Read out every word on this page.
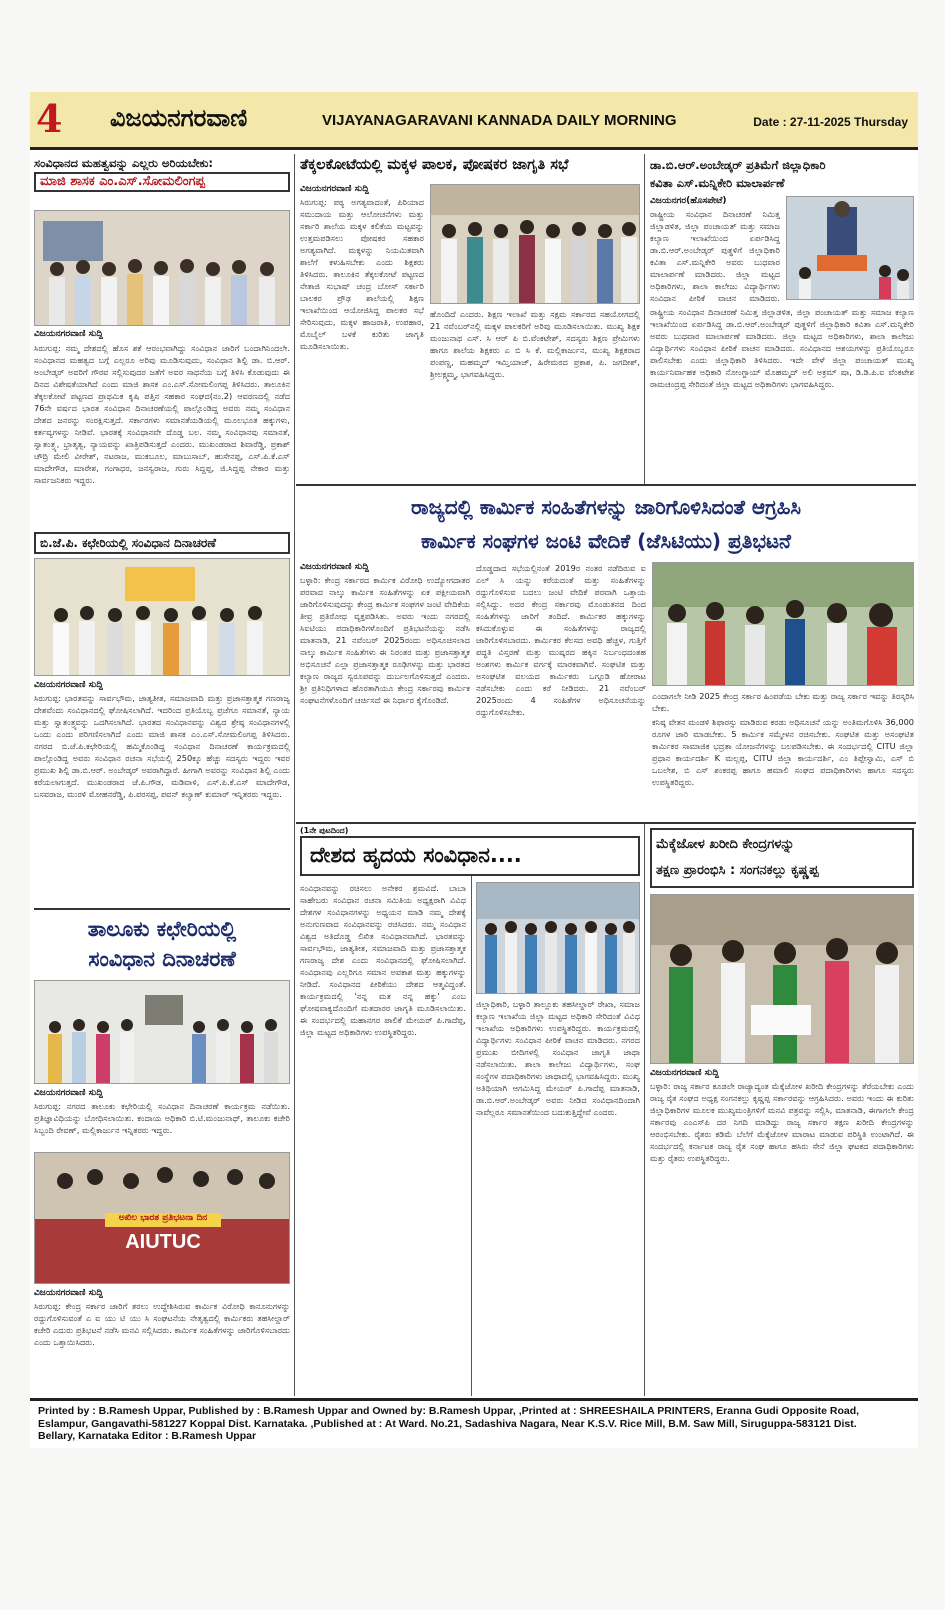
4 ವಿಜಯನಗರವಾಣಿ	VIJAYANAGARAVANI KANNADA DAILY MORNING	Date : 27-11-2025 Thursday
ಸಂವಿಧಾನದ ಮಹತ್ವವನ್ನು ಎಲ್ಲರು ಅರಿಯಬೇಕು:
ಮಾಜಿ ಶಾಸಕ ಎಂ.ಎಸ್.ಸೋಮಲಿಂಗಪ್ಪ
ವಿಜಯನಗರವಾಣಿ ಸುದ್ದಿ
ಸಿರುಗುಪ್ಪ: ನಮ್ಮ ದೇಶದಲ್ಲಿ ಹೊಸ ಶಕೆ ಆರಂಭವಾಗಿದ್ದು ಸಂವಿಧಾನ ಜಾರಿಗೆ ಬಂದಾಗಿನಿಂದಲೇ. ಸಂವಿಧಾನದ ಮಹತ್ವದ ಬಗ್ಗೆ ಎಲ್ಲರೂ ಅರಿವು ಮೂಡಿಸುವುದು, ಸಂವಿಧಾನ ಶಿಲ್ಪಿ ಡಾ. ಬಿ.ಆರ್. ಅಂಬೇಡ್ಕರ್ ಅವರಿಗೆ ಗೌರವ ಸಲ್ಲಿಸುವುದರ ಜತೆಗೆ ಅವರ ಸಾಧನೆಯ ಬಗ್ಗೆ ತಿಳಿಸಿ ಕೊಡುವುದು ಈ ದಿನದ ವಿಶೇಷತೆಯಾಗಿದೆ ಎಂದು ಮಾಜಿ ಶಾಸಕ ಎಂ.ಎಸ್.ಸೋಮಲಿಂಗಪ್ಪ ತಿಳಿಸಿದರು. ತಾಲೂಕಿನ ತೆಕ್ಕಲಕೋಟೆ ಪಟ್ಟಣದ ಪ್ರಾಥಮಿಕ ಕೃಷಿ ಪತ್ತಿನ ಸಹಕಾರ ಸಂಘದ(ನಂ.2) ಆವರಣದಲ್ಲಿ ನಡೆದ 76ನೇ ವರ್ಷದ ಭಾರತ ಸಂವಿಧಾನ ದಿನಾಚರಣೆಯಲ್ಲಿ ಪಾಲ್ಗೊಂಡಿದ್ದ ಅವರು ನಮ್ಮ ಸಂವಿಧಾನ ದೇಶದ ಜನರನ್ನು ಸಂರಕ್ಷಿಸುತ್ತದೆ. ಸರ್ಕಾರಗಳು ಸಮಾನತೆಯಡಿಯಲ್ಲಿ ಮೂಲಭೂತ ಹಕ್ಕುಗಳು, ಕರ್ತವ್ಯಗಳನ್ನು ನೀಡಿವೆ. ಭಾರತಕ್ಕೆ ಸಂವಿಧಾನವೇ ದೊಡ್ಡ ಬಲ. ನಮ್ಮ ಸಂವಿಧಾನವು ಸಮಾನತೆ, ಸ್ವಾತಂತ್ರ್ಯ, ಭ್ರಾತೃತ್ವ, ನ್ಯಾಯವನ್ನು ಖಾತ್ರಿಪಡಿಸುತ್ತದೆ ಎಂದರು. ಮುಖಂಡರಾದ ಶಿವಾರೆಡ್ಡಿ, ಪ್ರಕಾಶ್ ಚೌದ್ರಿ ಮೇಲಿ ವೀರೇಶ್, ನಟರಾಜ, ಮುಕಬೂಲ, ಮಾಬುಸಾಬ್, ಹುಸೇನಪ್ಪ, ಎಸ್.ಪಿ.ಕೆ.ಎಸ್ ಮಾದೇಗೌಡ, ಮಾರೇಶ, ಗಂಗಾಧರ, ಜನಸ್ವರಾಜ, ಗುರು ಸಿದ್ದಪ್ಪ, ಜಿ.ಸಿದ್ದಪ್ಪ ನೇಕಾರ ಮತ್ತು ಸಾರ್ವಜನಿಕರು ಇದ್ದರು.
ಬಿ.ಜೆ.ಪಿ. ಕಛೇರಿಯಲ್ಲಿ ಸಂವಿಧಾನ ದಿನಾಚರಣೆ
ವಿಜಯನಗರವಾಣಿ ಸುದ್ದಿ
ಸಿರುಗುಪ್ಪ: ಭಾರತವನ್ನು ಸಾರ್ವಭೌಮ, ಜಾತ್ಯತೀತ, ಸಮಾಜವಾದಿ ಮತ್ತು ಪ್ರಜಾಸತ್ತಾತ್ಮಕ ಗಣರಾಜ್ಯ ದೇಶವೆಂದು ಸಂವಿಧಾನದಲ್ಲಿ ಘೋಷಿಸಲಾಗಿದೆ. ಇದರಿಂದ ಪ್ರತಿಯೊಬ್ಬ ಪ್ರಜೆಗೂ ಸಮಾನತೆ, ನ್ಯಾಯ ಮತ್ತು ಸ್ವಾತಂತ್ರ್ಯವನ್ನು ಒದಗಿಸಲಾಗಿದೆ. ಭಾರತದ ಸಂವಿಧಾನವನ್ನು ವಿಶ್ವದ ಶ್ರೇಷ್ಠ ಸಂವಿಧಾನಗಳಲ್ಲಿ ಒಂದು ಎಂದು ಪರಿಗಣಿಸಲಾಗಿದೆ ಎಂದು ಮಾಜಿ ಶಾಸಕ ಎಂ.ಎಸ್.ಸೋಮಲಿಂಗಪ್ಪ ತಿಳಿಸಿದರು. ನಗರದ ಬಿ.ಜೆ.ಪಿ.ಕಛೇರಿಯಲ್ಲಿ ಹಮ್ಮಿಕೊಂಡಿದ್ದ ಸಂವಿಧಾನ ದಿನಾಚರಣೆ ಕಾರ್ಯಕ್ರಮದಲ್ಲಿ ಪಾಲ್ಗೊಂಡಿದ್ದ ಅವರು ಸಂವಿಧಾನ ರಚನಾ ಸಭೆಯಲ್ಲಿ 250ಕ್ಕೂ ಹೆಚ್ಚು ಸದಸ್ಯರು ಇದ್ದರು ಇವರ ಪ್ರಮುಖ ಶಿಲ್ಪಿ ಡಾ.ಬಿ.ಆರ್. ಅಂಬೇಡ್ಕರ್ ಅವರಾಗಿದ್ದಾರೆ. ಹೀಗಾಗಿ ಅವರನ್ನು ಸಂವಿಧಾನ ಶಿಲ್ಪಿ ಎಂದು ಕರೆಯಲಾಗುತ್ತದೆ. ಮುಖಂಡರಾದ ಜೆ.ಪಿ.ಗೌಡ, ಮಡಿವಾಳಿ, ಎಸ್.ಪಿ.ಕೆ.ಎಸ್ ಮಾದೇಗೌಡ, ಬಸವರಾಜ, ಮುರಳಿ ಮೋಹನರೆಡ್ಡಿ, ಪಿ.ಪರಸಪ್ಪ, ಪವನ್ ಕಲ್ಯಾಣ್ ಕುಮಾರ್ ಇನ್ನಿತರರು ಇದ್ದರು.
ತಾಲೂಕು ಕಛೇರಿಯಲ್ಲಿ
ಸಂವಿಧಾನ ದಿನಾಚರಣೆ
ವಿಜಯನಗರವಾಣಿ ಸುದ್ದಿ
ಸಿರುಗುಪ್ಪ: ನಗರದ ತಾಲೂಕು ಕಛೇರಿಯಲ್ಲಿ ಸಂವಿಧಾನ ದಿನಾಚರಣೆ ಕಾರ್ಯಕ್ರಮ ನಡೆಯಿತು. ಪ್ರತಿಜ್ಞಾವಿಧಿಯನ್ನು ಬೋಧಿಸಲಾಯಿತು. ಕಂದಾಯ ಅಧಿಕಾರಿ ಬಿ.ಟಿ.ಮಂಜುನಾಥ್, ತಾಲೂಕು ಕಚೇರಿ ಸಿಬ್ಬಂದಿ ರೇವಣ್, ಮಲ್ಲಿಕಾರ್ಜುನ ಇನ್ನಿತರರು ಇದ್ದರು.
ಅಖಿಲ ಭಾರತ ಪ್ರತಿಭಟನಾ ದಿನ
AIUTUC
ವಿಜಯನಗರವಾಣಿ ಸುದ್ದಿ
ಸಿರುಗುಪ್ಪ: ಕೇಂದ್ರ ಸರ್ಕಾರ ಜಾರಿಗೆ ತರಲು ಉದ್ದೇಶಿಸಿರುವ ಕಾರ್ಮಿಕ ವಿರೋಧಿ ಕಾನೂನುಗಳನ್ನು ರದ್ದುಗೊಳಿಸುವಂತೆ ಎ ಐ ಯು ಟಿ ಯು ಸಿ ಸಂಘಟನೆಯ ನೇತೃತ್ವದಲ್ಲಿ ಕಾರ್ಮಿಕರು ತಹಸೀಲ್ದಾರ್ ಕಚೇರಿ ಎದುರು ಪ್ರತಿಭಟನೆ ನಡೆಸಿ ಮನವಿ ಸಲ್ಲಿಸಿದರು. ಕಾರ್ಮಿಕ ಸಂಹಿತೆಗಳನ್ನು ಜಾರಿಗೊಳಿಸಬಾರದು ಎಂದು ಒತ್ತಾಯಿಸಿದರು.
ತೆಕ್ಕಲಕೋಟೆಯಲ್ಲಿ ಮಕ್ಕಳ ಪಾಲಕ, ಪೋಷಕರ ಜಾಗೃತಿ ಸಭೆ
ವಿಜಯನಗರವಾಣಿ ಸುದ್ದಿ
ಸಿರುಗುಪ್ಪ: ಪಠ್ಯ ಅಗತ್ಯವಾದಂತೆ, ಪಿಠಿಯಾದ ಸಮುದಾಯ ಮತ್ತು ಆಲೋಚನೆಗಳು ಮತ್ತು ಸರ್ಕಾರಿ ಶಾಲೆಯ ಮಕ್ಕಳ ಕಲಿಕೆಯ ಮಟ್ಟವನ್ನು ಉತ್ತಮಪಡಿಸಲು ಪೋಷಕರ ಸಹಕಾರ ಅಗತ್ಯವಾಗಿದೆ. ಮಕ್ಕಳನ್ನು ನಿಯಮಿತವಾಗಿ ಶಾಲೆಗೆ ಕಳುಹಿಸಬೇಕು ಎಂದು ಶಿಕ್ಷಕರು ತಿಳಿಸಿದರು. ತಾಲೂಕಿನ ತೆಕ್ಕಲಕೋಟೆ ಪಟ್ಟಣದ ನೇತಾಜಿ ಸುಭಾಷ್ ಚಂದ್ರ ಬೋಸ್ ಸರ್ಕಾರಿ ಬಾಲಕರ ಪ್ರೌಢ ಶಾಲೆಯಲ್ಲಿ ಶಿಕ್ಷಣ ಇಲಾಖೆಯಿಂದ ಆಯೋಜಿಸಿದ್ದ ಪಾಲಕರ ಸಭೆ ಸೇರಿಸುವುದು, ಮಕ್ಕಳ ಹಾಜರಾತಿ, ಉಪಹಾರ, ಮೊಬೈಲ್ ಬಳಕೆ ಕುರಿತು ಜಾಗೃತಿ ಮೂಡಿಸಲಾಯಿತು.
ಹೊಂದಿದೆ ಎಂದರು. ಶಿಕ್ಷಣ ಇಲಾಖೆ ಮತ್ತು ಸಕ್ಷಮ ಸರ್ಕಾರದ ಸಹಯೋಗದಲ್ಲಿ 21 ನವೆಂಬರ್‌ನಲ್ಲಿ ಮಕ್ಕಳ ಪಾಲಕರಿಗೆ ಅರಿವು ಮೂಡಿಸಲಾಯಿತು. ಮುಖ್ಯ ಶಿಕ್ಷಕ ಮಂಜುನಾಥ ಎಸ್. ಸಿ ಆರ್ ಪಿ ಬಿ.ವೆಂಕಟೇಶ್, ಸದಸ್ಯರು ಶಿಕ್ಷಣ ಪ್ರೇಮಿಗಳು ಹಾಗೂ ಶಾಲೆಯ ಶಿಕ್ಷಕರು ಎ ಬಿ ಸಿ ಕೆ. ಮಲ್ಲಿಕಾರ್ಜುನ, ಮುಖ್ಯ ಶಿಕ್ಷಕರಾದ ಪಂಪಣ್ಣ, ಮಹಮ್ಮದ್ ಇಮ್ತಿಯಾಜ್, ಹಿರೇಮಠದ ಪ್ರಕಾಶ, ಪಿ. ಜಗದೀಶ್, ಶ್ರೀಲಕ್ಷ್ಮಮ್ಮ, ಭಾಗವಹಿಸಿದ್ದರು.
ಡಾ.ಬಿ.ಆರ್.ಅಂಬೇಡ್ಕರ್ ಪ್ರತಿಮೆಗೆ ಜಿಲ್ಲಾಧಿಕಾರಿ
ಕವಿತಾ ಎಸ್.ಮನ್ನಿಕೇರಿ ಮಾಲಾರ್ಪಣೆ
ವಿಜಯನಗರ(ಹೊಸಪೇಟೆ)
ರಾಷ್ಟ್ರೀಯ ಸಂವಿಧಾನ ದಿನಾಚರಣೆ ನಿಮಿತ್ತ ಜಿಲ್ಲಾಡಳಿತ, ಜಿಲ್ಲಾ ಪಂಚಾಯತ್ ಮತ್ತು ಸಮಾಜ ಕಲ್ಯಾಣ ಇಲಾಖೆಯಿಂದ ಏರ್ಪಡಿಸಿದ್ದ ಡಾ.ಬಿ.ಆರ್.ಅಂಬೇಡ್ಕರ್ ಪುತ್ಥಳಿಗೆ ಜಿಲ್ಲಾಧಿಕಾರಿ ಕವಿತಾ ಎಸ್.ಮನ್ನಿಕೇರಿ ಅವರು ಬುಧವಾರ ಮಾಲಾರ್ಪಣೆ ಮಾಡಿದರು. ಜಿಲ್ಲಾ ಮಟ್ಟದ ಅಧಿಕಾರಿಗಳು, ಶಾಲಾ ಕಾಲೇಜು ವಿದ್ಯಾರ್ಥಿಗಳು ಸಂವಿಧಾನ ಪೀಠಿಕೆ ವಾಚನ ಮಾಡಿದರು.
ರಾಷ್ಟ್ರೀಯ ಸಂವಿಧಾನ ದಿನಾಚರಣೆ ನಿಮಿತ್ತ ಜಿಲ್ಲಾಡಳಿತ, ಜಿಲ್ಲಾ ಪಂಚಾಯತ್ ಮತ್ತು ಸಮಾಜ ಕಲ್ಯಾಣ ಇಲಾಖೆಯಿಂದ ಏರ್ಪಡಿಸಿದ್ದ ಡಾ.ಬಿ.ಆರ್.ಅಂಬೇಡ್ಕರ್ ಪುತ್ಥಳಿಗೆ ಜಿಲ್ಲಾಧಿಕಾರಿ ಕವಿತಾ ಎಸ್.ಮನ್ನಿಕೇರಿ ಅವರು ಬುಧವಾರ ಮಾಲಾರ್ಪಣೆ ಮಾಡಿದರು. ಜಿಲ್ಲಾ ಮಟ್ಟದ ಅಧಿಕಾರಿಗಳು, ಶಾಲಾ ಕಾಲೇಜು ವಿದ್ಯಾರ್ಥಿಗಳು ಸಂವಿಧಾನ ಪೀಠಿಕೆ ವಾಚನ ಮಾಡಿದರು. ಸಂವಿಧಾನದ ಆಶಯಗಳನ್ನು ಪ್ರತಿಯೊಬ್ಬರೂ ಪಾಲಿಸಬೇಕು ಎಂದು ಜಿಲ್ಲಾಧಿಕಾರಿ ತಿಳಿಸಿದರು. ಇದೇ ವೇಳೆ ಜಿಲ್ಲಾ ಪಂಚಾಯತ್ ಮುಖ್ಯ ಕಾರ್ಯನಿರ್ವಾಹಕ ಅಧಿಕಾರಿ ನೋಂಗ್ಜಾಯ್ ಮೊಹಮ್ಮದ್ ಅಲಿ ಅಕ್ರಮ್ ಷಾ, ಡಿ.ಡಿ.ಪಿ.ಐ ವೆಂಕಟೇಶ ರಾಮಚಂದ್ರಪ್ಪ ಸೇರಿದಂತೆ ಜಿಲ್ಲಾ ಮಟ್ಟದ ಅಧಿಕಾರಿಗಳು ಭಾಗವಹಿಸಿದ್ದರು.
ರಾಜ್ಯದಲ್ಲಿ ಕಾರ್ಮಿಕ ಸಂಹಿತೆಗಳನ್ನು ಜಾರಿಗೊಳಿಸಿದಂತೆ ಆಗ್ರಹಿಸಿ
ಕಾರ್ಮಿಕ ಸಂಘಗಳ ಜಂಟಿ ವೇದಿಕೆ (ಜೆಸಿಟಿಯು) ಪ್ರತಿಭಟನೆ
ವಿಜಯನಗರವಾಣಿ ಸುದ್ದಿ
ಬಳ್ಳಾರಿ: ಕೇಂದ್ರ ಸರ್ಕಾರದ ಕಾರ್ಮಿಕ ವಿರೋಧಿ ಉದ್ಯೋಗದಾತರ ಪರವಾದ ನಾಲ್ಕು ಕಾರ್ಮಿಕ ಸಂಹಿತೆಗಳನ್ನು ಏಕ ಪಕ್ಷೀಯವಾಗಿ ಜಾರಿಗೊಳಿಸುವುದನ್ನು ಕೇಂದ್ರ ಕಾರ್ಮಿಕ ಸಂಘಗಳ ಜಂಟಿ ವೇದಿಕೆಯ ತೀವ್ರ ಪ್ರತಿರೋಧ ವ್ಯಕ್ತಪಡಿಸಿತು. ಅವರು ಇಂದು ನಗರದಲ್ಲಿ ಸಿಐಟಿಯು ಪದಾಧಿಕಾರಿಗಳೊಂದಿಗೆ ಪ್ರತಿಭಟನೆಯನ್ನು ನಡೆಸಿ ಮಾತನಾಡಿ, 21 ನವೆಂಬರ್ 2025ರಂದು ಅಧಿಸೂಚಿಸಲಾದ ನಾಲ್ಕು ಕಾರ್ಮಿಕ ಸಂಹಿತೆಗಳು ಈ ನಿರಂತರ ಮತ್ತು ಪ್ರಜಾಸತ್ತಾತ್ಮಕ ಅಭಿಸೂಚನೆ ಎಲ್ಲಾ ಪ್ರಜಾಸತ್ತಾತ್ಮಕ ರೂಢಿಗಳನ್ನು ಮತ್ತು ಭಾರತದ ಕಲ್ಯಾಣ ರಾಜ್ಯದ ಸ್ವರೂಪವನ್ನು ದುರ್ಬಲಗೊಳಿಸುತ್ತದೆ ಎಂದರು. ಶ್ರೀ ಪ್ರತಿನಿಧಿಗಳಾದ ಹೊರತಾಗಿಯೂ ಕೇಂದ್ರ ಸರ್ಕಾರವು ಕಾರ್ಮಿಕ ಸಂಘಟನೆಗಳೊಂದಿಗೆ ಚರ್ಚಿಸದೆ ಈ ನಿರ್ಧಾರ ಕೈಗೊಂಡಿದೆ.
ದೊಡ್ಡದಾದ ಸಭೆಯಲ್ಲಿನಂತೆ 2019ರ ನಂತರ ನಡೆದಿರುವ ಐ ಎಲ್ ಸಿ ಯನ್ನು ಕರೆಯದಂತೆ ಮತ್ತು ಸಂಹಿತೆಗಳನ್ನು ರದ್ದುಗೊಳಿಸುವ ಬದಲು ಜಂಟಿ ವೇದಿಕೆ ಪರವಾಗಿ ಒತ್ತಾಯ ಸಲ್ಲಿಸಿದ್ದು. ಅದರ ಕೇಂದ್ರ ಸರ್ಕಾರವು ಮೊಂಡುತನದ ದಿಂದ ಸಂಹಿತೆಗಳನ್ನು ಜಾರಿಗೆ ತಂದಿದೆ. ಕಾರ್ಮಿಕರ ಹಕ್ಕುಗಳನ್ನು ಕಸಿದುಕೊಳ್ಳುವ ಈ ಸಂಹಿತೆಗಳನ್ನು ರಾಜ್ಯದಲ್ಲಿ ಜಾರಿಗೊಳಿಸಬಾರದು. ಕಾರ್ಮಿಕರ ಕೆಲಸದ ಅವಧಿ ಹೆಚ್ಚಳ, ಗುತ್ತಿಗೆ ಪದ್ಧತಿ ವಿಸ್ತರಣೆ ಮತ್ತು ಮುಷ್ಕರದ ಹಕ್ಕಿನ ನಿರ್ಬಂಧದಂತಹ ಅಂಶಗಳು ಕಾರ್ಮಿಕ ವರ್ಗಕ್ಕೆ ಮಾರಕವಾಗಿವೆ. ಸಂಘಟಿತ ಮತ್ತು ಅಸಂಘಟಿತ ವಲಯದ ಕಾರ್ಮಿಕರು ಒಗ್ಗೂಡಿ ಹೋರಾಟ ನಡೆಸಬೇಕು ಎಂದು ಕರೆ ನೀಡಿದರು. 21 ನವೆಂಬರ್ 2025ರಂದು 4 ಸಂಹಿತೆಗಳ ಅಧಿಸೂಚನೆಯನ್ನು ರದ್ದುಗೊಳಿಸಬೇಕು.
ಎಂದಾಗಲೇ ನೀಡಿ 2025 ಕೇಂದ್ರ ಸರ್ಕಾರ ಹಿಂಪಡೆಯ ಬೇಕು ಮತ್ತು ರಾಜ್ಯ ಸರ್ಕಾರ ಇವನ್ನು ತಿರಸ್ಕರಿಸಿ ಬೇಕು.
ಕನಿಷ್ಠ ವೇತನ ಮಂಡಳಿ ಶಿಫಾರಸ್ಸು ಮಾಡಿರುವ ಕರಡು ಅಧಿಸೂಚನೆ ಯನ್ನು ಅಂತಿಮಗೊಳಿಸಿ 36,000 ರೂಗಳ ಜಾರಿ ಮಾಡಬೇಕು. 5 ಕಾರ್ಮಿಕ ಸಮ್ಮೇಳನ ರಚಿಸಬೇಕು. ಸಂಘಟಿತ ಮತ್ತು ಅಸಂಘಟಿತ ಕಾರ್ಮಿಕರ ಸಾಮಾಜಿಕ ಭದ್ರತಾ ಯೋಜನೆಗಳನ್ನು ಬಲಪಡಿಸಬೇಕು. ಈ ಸಂದರ್ಭದಲ್ಲಿ CITU ಜಿಲ್ಲಾ ಪ್ರಧಾನ ಕಾರ್ಯದರ್ಶಿ K ಮಲ್ಲಪ್ಪ, CITU ಜಿಲ್ಲಾ ಕಾರ್ಯದರ್ಶಿ, ಎಂ ತಿಪ್ಪೇಸ್ವಾಮಿ, ಎಸ್ ಬಿ ಒಬಲೇಶ, ಬಿ ಎಸ್ ಶಂಕರಪ್ಪ ಹಾಗೂ ಹಮಾಲಿ ಸಂಘದ ಪದಾಧಿಕಾರಿಗಳು ಹಾಗೂ ಸದಸ್ಯರು ಉಪಸ್ಥಿತರಿದ್ದರು.
(1ನೇ ಪುಟದಿಂದ)
ದೇಶದ ಹೃದಯ ಸಂವಿಧಾನ....
ಸಂವಿಧಾನವನ್ನು ರಚಿಸಲು ಅನೇಕರ ಶ್ರಮವಿದೆ. ಬಾಬಾ ಸಾಹೇಬರು ಸಂವಿಧಾನ ರಚನಾ ಸಮಿತಿಯ ಅಧ್ಯಕ್ಷರಾಗಿ ವಿವಿಧ ದೇಶಗಳ ಸಂವಿಧಾನಗಳನ್ನು ಅಧ್ಯಯನ ಮಾಡಿ ನಮ್ಮ ದೇಶಕ್ಕೆ ಅನುಗುಣವಾದ ಸಂವಿಧಾನವನ್ನು ರಚಿಸಿದರು. ನಮ್ಮ ಸಂವಿಧಾನ ವಿಶ್ವದ ಅತಿದೊಡ್ಡ ಲಿಖಿತ ಸಂವಿಧಾನವಾಗಿದೆ. ಭಾರತವನ್ನು ಸಾರ್ವಭೌಮ, ಜಾತ್ಯತೀತ, ಸಮಾಜವಾದಿ ಮತ್ತು ಪ್ರಜಾಸತ್ತಾತ್ಮಕ ಗಣರಾಜ್ಯ ದೇಶ ಎಂದು ಸಂವಿಧಾನದಲ್ಲಿ ಘೋಷಿಸಲಾಗಿದೆ. ಸಂವಿಧಾನವು ಎಲ್ಲರಿಗೂ ಸಮಾನ ಅವಕಾಶ ಮತ್ತು ಹಕ್ಕುಗಳನ್ನು ನೀಡಿದೆ. ಸಂವಿಧಾನದ ಪೀಠಿಕೆಯು ದೇಶದ ಆತ್ಮವಿದ್ದಂತೆ. ಕಾರ್ಯಕ್ರಮದಲ್ಲಿ 'ನನ್ನ ಮತ ನನ್ನ ಹಕ್ಕು' ಎಂಬ ಘೋಷವಾಕ್ಯದೊಂದಿಗೆ ಮತದಾರರ ಜಾಗೃತಿ ಮೂಡಿಸಲಾಯಿತು. ಈ ಸಂದರ್ಭದಲ್ಲಿ ಮಹಾನಗರ ಪಾಲಿಕೆ ಮೇಯರ್ ಪಿ.ಗಾದೆಪ್ಪ, ಜಿಲ್ಲಾ ಮಟ್ಟದ ಅಧಿಕಾರಿಗಳು ಉಪಸ್ಥಿತರಿದ್ದರು.
ಜಿಲ್ಲಾಧಿಕಾರಿ, ಬಳ್ಳಾರಿ ತಾಲ್ಲೂಕು ತಹಸೀಲ್ದಾರ್ ರೇಖಾ, ಸಮಾಜ ಕಲ್ಯಾಣ ಇಲಾಖೆಯ ಜಿಲ್ಲಾ ಮಟ್ಟದ ಅಧಿಕಾರಿ ಸೇರಿದಂತೆ ವಿವಿಧ ಇಲಾಖೆಯ ಅಧಿಕಾರಿಗಳು ಉಪಸ್ಥಿತರಿದ್ದರು. ಕಾರ್ಯಕ್ರಮದಲ್ಲಿ ವಿದ್ಯಾರ್ಥಿಗಳು ಸಂವಿಧಾನ ಪೀಠಿಕೆ ವಾಚನ ಮಾಡಿದರು. ನಗರದ ಪ್ರಮುಖ ಬೀದಿಗಳಲ್ಲಿ ಸಂವಿಧಾನ ಜಾಗೃತಿ ಜಾಥಾ ನಡೆಸಲಾಯಿತು. ಶಾಲಾ ಕಾಲೇಜು ವಿದ್ಯಾರ್ಥಿಗಳು, ಸಂಘ ಸಂಸ್ಥೆಗಳ ಪದಾಧಿಕಾರಿಗಳು ಜಾಥಾದಲ್ಲಿ ಭಾಗವಹಿಸಿದ್ದರು. ಮುಖ್ಯ ಅತಿಥಿಯಾಗಿ ಆಗಮಿಸಿದ್ದ ಮೇಯರ್ ಪಿ.ಗಾದೆಪ್ಪ ಮಾತನಾಡಿ, ಡಾ.ಬಿ.ಆರ್.ಅಂಬೇಡ್ಕರ್ ಅವರು ನೀಡಿದ ಸಂವಿಧಾನದಿಂದಾಗಿ ನಾವೆಲ್ಲರೂ ಸಮಾನತೆಯಿಂದ ಬದುಕುತ್ತಿದ್ದೇವೆ ಎಂದರು.
ಮೆಕ್ಕೆಜೋಳ ಖರೀದಿ ಕೇಂದ್ರಗಳನ್ನು
ತಕ್ಷಣ ಪ್ರಾರಂಭಿಸಿ : ಸಂಗನಕಲ್ಲು ಕೃಷ್ಣಪ್ಪ
ವಿಜಯನಗರವಾಣಿ ಸುದ್ದಿ
ಬಳ್ಳಾರಿ: ರಾಜ್ಯ ಸರ್ಕಾರ ಕೂಡಲೇ ರಾಜ್ಯಾದ್ಯಂತ ಮೆಕ್ಕೆಜೋಳ ಖರೀದಿ ಕೇಂದ್ರಗಳನ್ನು ತೆರೆಯಬೇಕು ಎಂದು ರಾಜ್ಯ ರೈತ ಸಂಘದ ಅಧ್ಯಕ್ಷ ಸಂಗನಕಲ್ಲು ಕೃಷ್ಣಪ್ಪ ಸರ್ಕಾರವನ್ನು ಆಗ್ರಹಿಸಿದರು. ಅವರು ಇಂದು ಈ ಕುರಿತು ಜಿಲ್ಲಾಧಿಕಾರಿಗಳ ಮೂಲಕ ಮುಖ್ಯಮಂತ್ರಿಗಳಿಗೆ ಮನವಿ ಪತ್ರವನ್ನು ಸಲ್ಲಿಸಿ, ಮಾತನಾಡಿ, ಈಗಾಗಲೇ ಕೇಂದ್ರ ಸರ್ಕಾರವು ಎಂಎಸ್‌ಪಿ ದರ ನಿಗದಿ ಮಾಡಿದ್ದು ರಾಜ್ಯ ಸರ್ಕಾರ ತಕ್ಷಣ ಖರೀದಿ ಕೇಂದ್ರಗಳನ್ನು ಆರಂಭಿಸಬೇಕು. ರೈತರು ಕಡಿಮೆ ಬೆಲೆಗೆ ಮೆಕ್ಕೆಜೋಳ ಮಾರಾಟ ಮಾಡುವ ಪರಿಸ್ಥಿತಿ ಉಂಟಾಗಿದೆ. ಈ ಸಂದರ್ಭದಲ್ಲಿ ಕರ್ನಾಟಕ ರಾಜ್ಯ ರೈತ ಸಂಘ ಹಾಗೂ ಹಸಿರು ಸೇನೆ ಜಿಲ್ಲಾ ಘಟಕದ ಪದಾಧಿಕಾರಿಗಳು ಮತ್ತು ರೈತರು ಉಪಸ್ಥಿತರಿದ್ದರು.
Printed by : B.Ramesh Uppar, Published by : B.Ramesh Uppar and Owned by: B.Ramesh Uppar, ,Printed at : SHREESHAILA PRINTERS, Eranna Gudi Opposite Road,
Eslampur, Gangavathi-581227 Koppal Dist. Karnataka. ,Published at : At Ward. No.21, Sadashiva Nagara, Near K.S.V. Rice Mill, B.M. Saw Mill, Siruguppa-583121 Dist.
Bellary, Karnataka Editor : B.Ramesh Uppar
